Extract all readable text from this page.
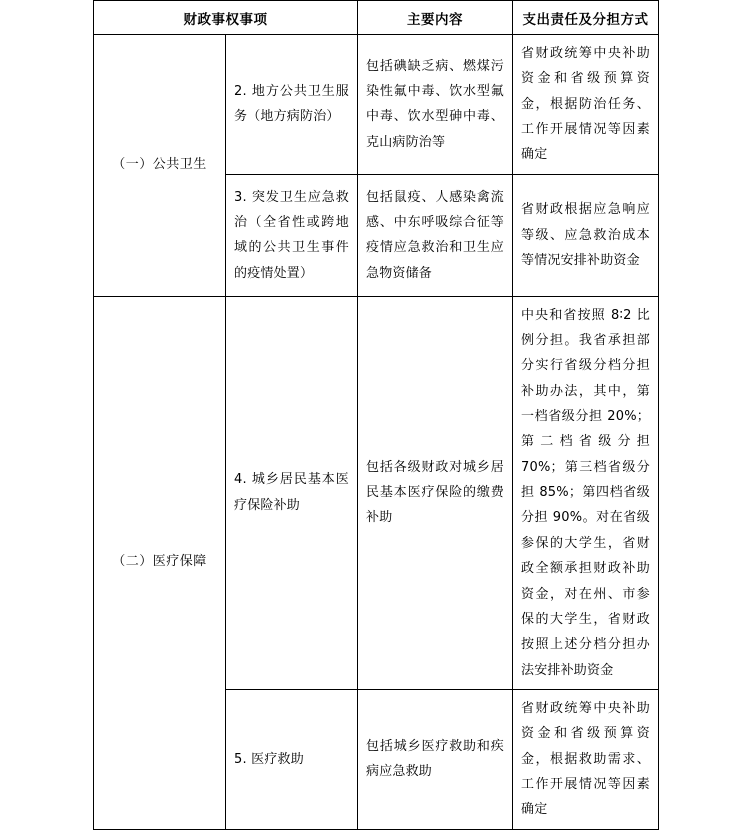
财政事权事项		主要内容	支出责任及分担方式
（一）公共卫生	2. 地方公共卫生服务（地方病防治）	包括碘缺乏病、燃煤污染性氟中毒、饮水型氟中毒、饮水型砷中毒、克山病防治等	省财政统筹中央补助资金和省级预算资金，根据防治任务、工作开展情况等因素确定
	3. 突发卫生应急救治（全省性或跨地域的公共卫生事件的疫情处置）	包括鼠疫、人感染禽流感、中东呼吸综合征等疫情应急救治和卫生应急物资储备	省财政根据应急响应等级、应急救治成本等情况安排补助资金
（二）医疗保障	4. 城乡居民基本医疗保险补助	包括各级财政对城乡居民基本医疗保险的缴费补助	中央和省按照 8∶2 比例分担。我省承担部分实行省级分档分担补助办法，其中，第一档省级分担 20%；第二档省级分担 70%；第三档省级分担 85%；第四档省级分担 90%。对在省级参保的大学生，省财政全额承担财政补助资金，对在州、市参保的大学生，省财政按照上述分档分担办法安排补助资金
	5. 医疗救助	包括城乡医疗救助和疾病应急救助	省财政统筹中央补助资金和省级预算资金，根据救助需求、工作开展情况等因素确定
